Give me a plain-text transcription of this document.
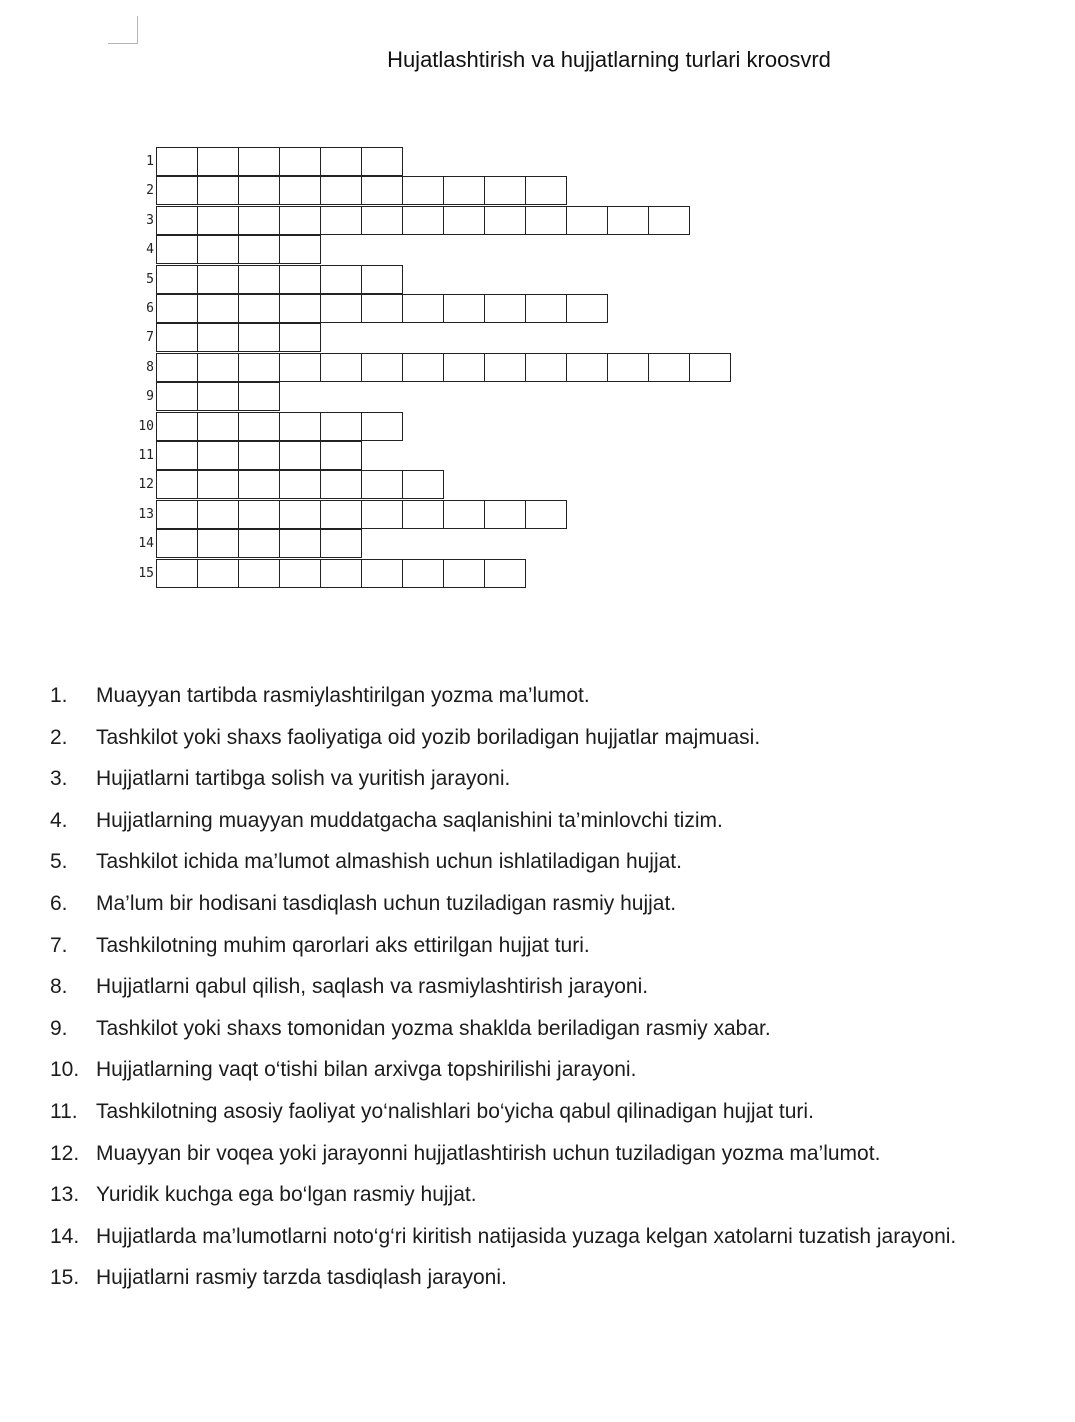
Hujatlashtirish va hujjatlarning turlari kroosvrd
1
2
3
4
5
6
7
8
9
10
11
12
13
14
15
1.	Muayyan tartibda rasmiylashtirilgan yozma ma’lumot.
2.	Tashkilot yoki shaxs faoliyatiga oid yozib boriladigan hujjatlar majmuasi.
3.	Hujjatlarni tartibga solish va yuritish jarayoni.
4.	Hujjatlarning muayyan muddatgacha saqlanishini ta’minlovchi tizim.
5.	Tashkilot ichida ma’lumot almashish uchun ishlatiladigan hujjat.
6.	Ma’lum bir hodisani tasdiqlash uchun tuziladigan rasmiy hujjat.
7.	Tashkilotning muhim qarorlari aks ettirilgan hujjat turi.
8.	Hujjatlarni qabul qilish, saqlash va rasmiylashtirish jarayoni.
9.	Tashkilot yoki shaxs tomonidan yozma shaklda beriladigan rasmiy xabar.
10. Hujjatlarning vaqt o‘tishi bilan arxivga topshirilishi jarayoni.
11. Tashkilotning asosiy faoliyat yo‘nalishlari bo‘yicha qabul qilinadigan hujjat turi.
12. Muayyan bir voqea yoki jarayonni hujjatlashtirish uchun tuziladigan yozma ma’lumot.
13. Yuridik kuchga ega bo‘lgan rasmiy hujjat.
14. Hujjatlarda ma’lumotlarni noto‘g‘ri kiritish natijasida yuzaga kelgan xatolarni tuzatish jarayoni.
15. Hujjatlarni rasmiy tarzda tasdiqlash jarayoni.
